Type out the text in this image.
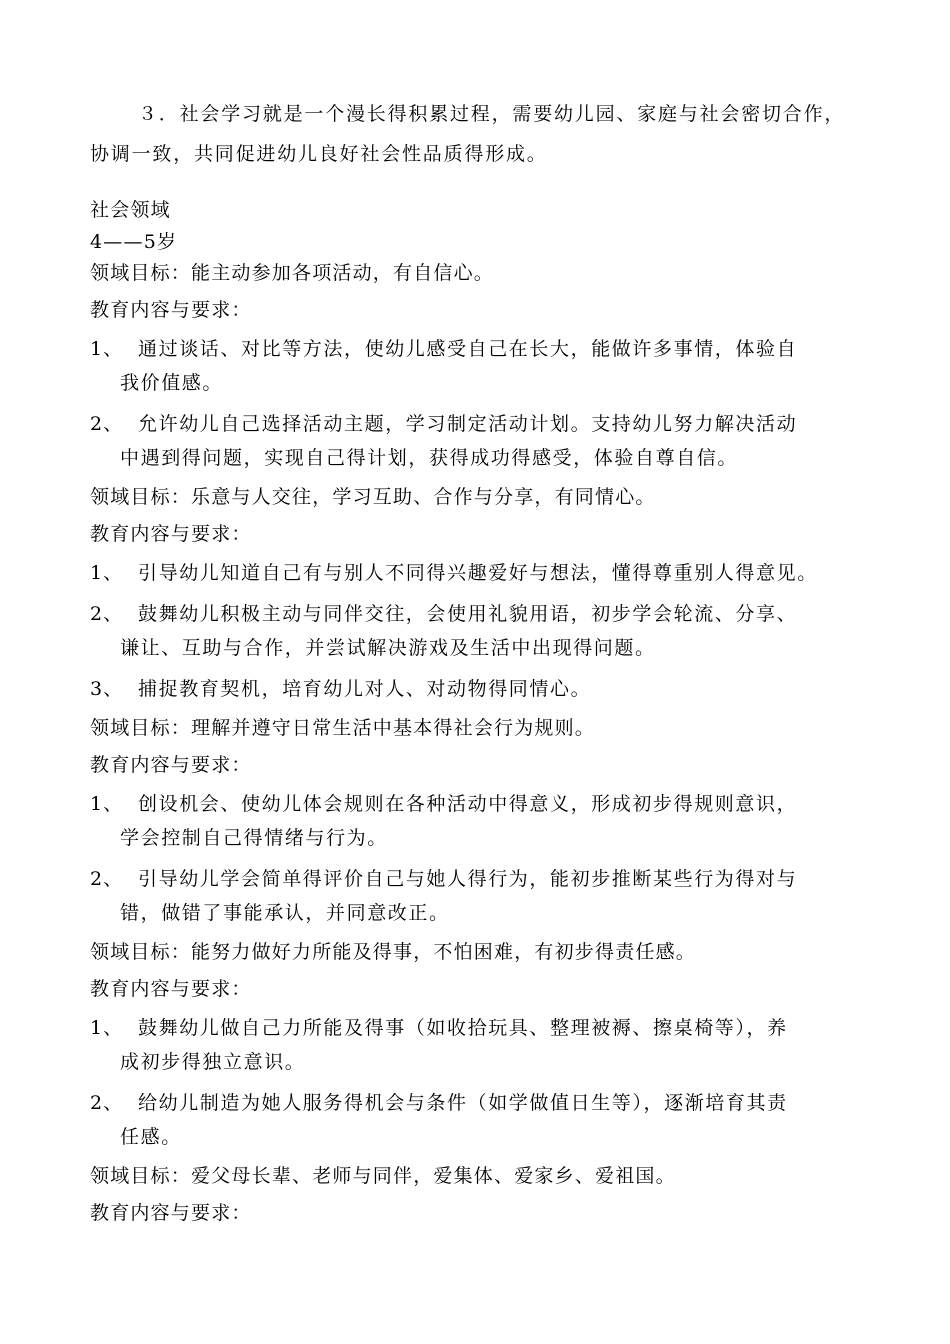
３．社会学习就是一个漫长得积累过程，需要幼儿园、家庭与社会密切合作，协调一致，共同促进幼儿良好社会性品质得形成。

社会领域

4——5岁

领域目标：能主动参加各项活动，有自信心。

教育内容与要求：

1、 通过谈话、对比等方法，使幼儿感受自己在长大，能做许多事情，体验自
我价值感。
2、 允许幼儿自己选择活动主题，学习制定活动计划。支持幼儿努力解决活动
中遇到得问题，实现自己得计划，获得成功得感受，体验自尊自信。

领域目标：乐意与人交往，学习互助、合作与分享，有同情心。

教育内容与要求：

1、 引导幼儿知道自己有与别人不同得兴趣爱好与想法，懂得尊重别人得意见。
2、 鼓舞幼儿积极主动与同伴交往，会使用礼貌用语，初步学会轮流、分享、
谦让、互助与合作，并尝试解决游戏及生活中出现得问题。
3、 捕捉教育契机，培育幼儿对人、对动物得同情心。

领域目标：理解并遵守日常生活中基本得社会行为规则。

教育内容与要求：

1、 创设机会、使幼儿体会规则在各种活动中得意义，形成初步得规则意识，
学会控制自己得情绪与行为。
2、 引导幼儿学会简单得评价自己与她人得行为，能初步推断某些行为得对与
错，做错了事能承认，并同意改正。

领域目标：能努力做好力所能及得事，不怕困难，有初步得责任感。

教育内容与要求：

1、 鼓舞幼儿做自己力所能及得事（如收拾玩具、整理被褥、擦桌椅等），养
成初步得独立意识。
2、 给幼儿制造为她人服务得机会与条件（如学做值日生等），逐渐培育其责
任感。

领域目标：爱父母长辈、老师与同伴，爱集体、爱家乡、爱祖国。

教育内容与要求：
